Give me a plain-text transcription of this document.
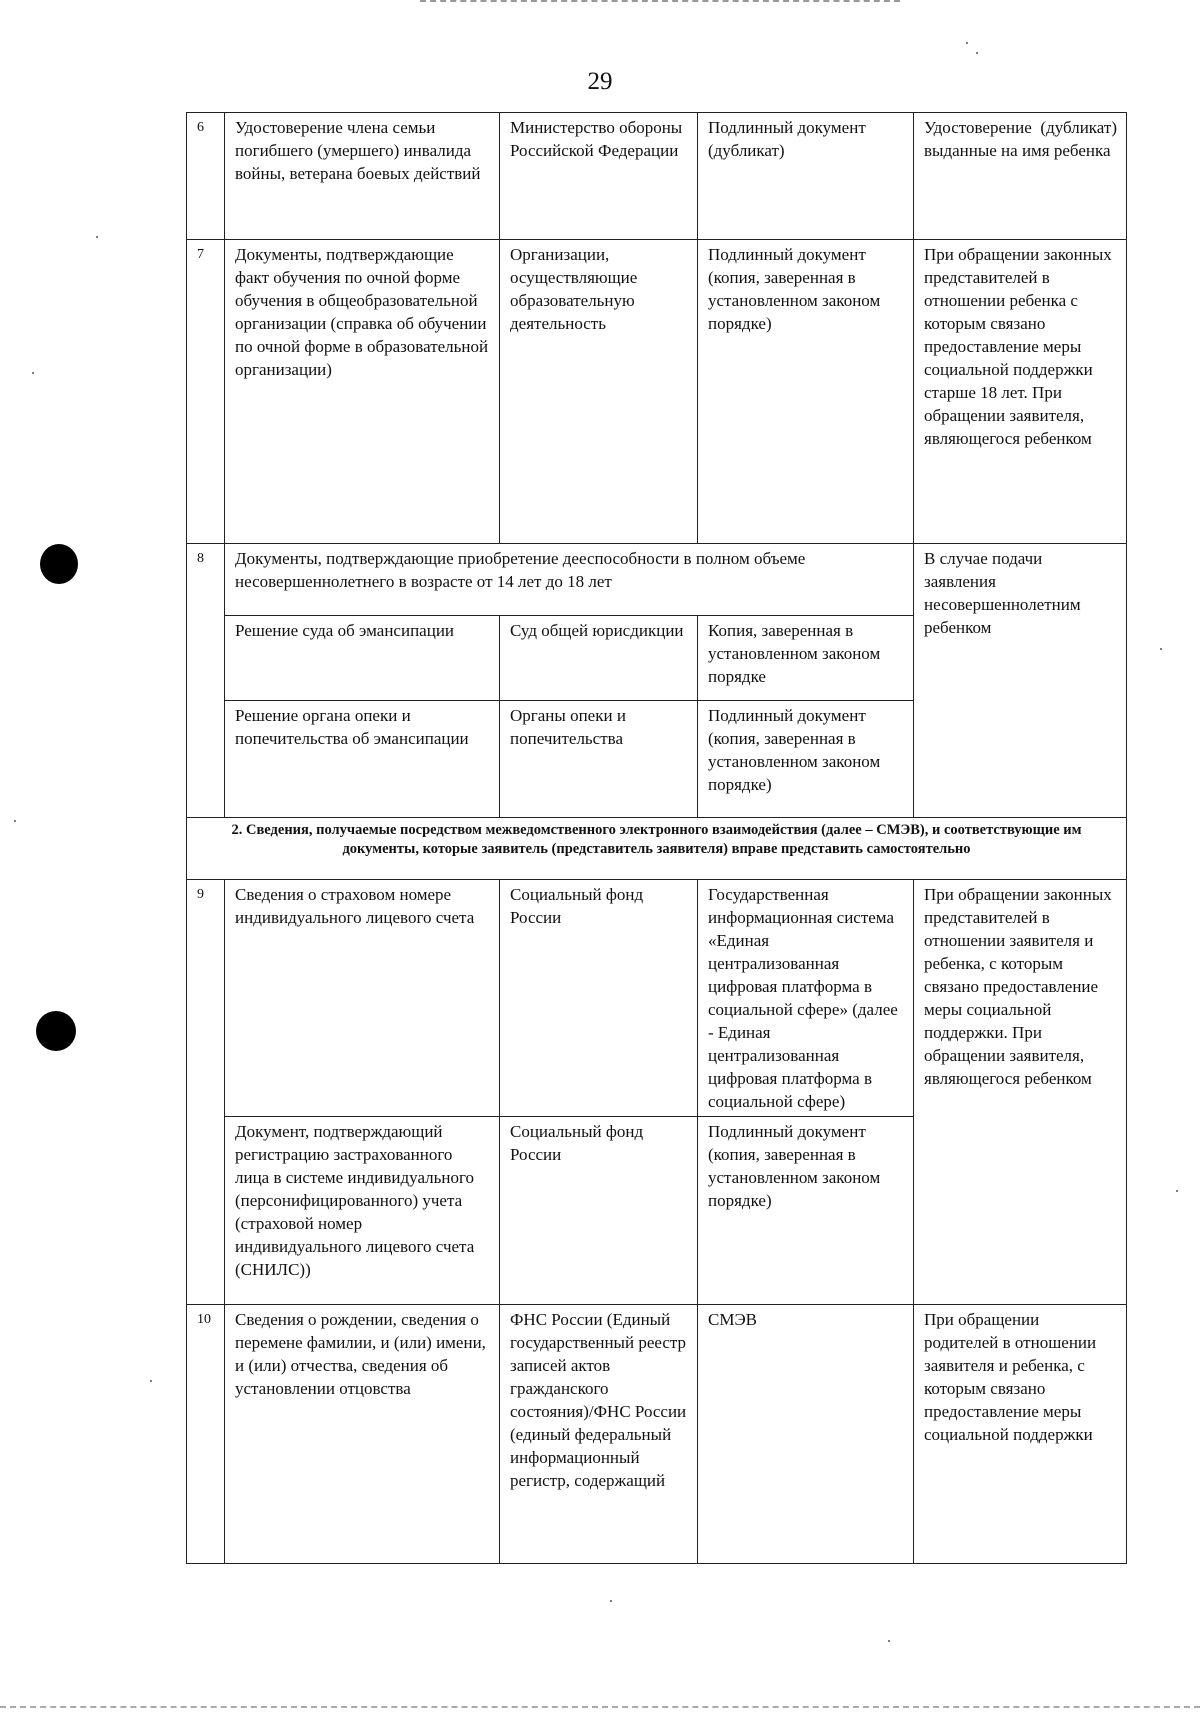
29
6	Удостоверение члена семьи погибшего (умершего) инвалида войны, ветерана боевых действий	Министерство обороны Российской Федерации	Подлинный документ (дубликат)	Удостоверение (дубликат) выданные на имя ребенка
7	Документы, подтверждающие факт обучения по очной форме обучения в общеобразовательной организации (справка об обучении по очной форме в образовательной организации)	Организации, осуществляющие образовательную деятельность	Подлинный документ (копия, заверенная в установленном законом порядке)	При обращении законных представителей в отношении ребенка с которым связано предоставление меры социальной поддержки старше 18 лет. При обращении заявителя, являющегося ребенком
8	Документы, подтверждающие приобретение дееспособности в полном объеме несовершеннолетнего в возрасте от 14 лет до 18 лет			В случае подачи заявления несовершеннолетним ребенком
	Решение суда об эмансипации	Суд общей юрисдикции	Копия, заверенная в установленном законом порядке	
	Решение органа опеки и попечительства об эмансипации	Органы опеки и попечительства	Подлинный документ (копия, заверенная в установленном законом порядке)	
2. Сведения, получаемые посредством межведомственного электронного взаимодействия (далее – СМЭВ), и соответствующие им документы, которые заявитель (представитель заявителя) вправе представить самостоятельно				
9	Сведения о страховом номере индивидуального лицевого счета	Социальный фонд России	Государственная информационная система «Единая централизованная цифровая платформа в социальной сфере» (далее - Единая централизованная цифровая платформа в социальной сфере)	При обращении законных представителей в отношении заявителя и ребенка, с которым связано предоставление меры социальной поддержки. При обращении заявителя, являющегося ребенком
	Документ, подтверждающий регистрацию застрахованного лица в системе индивидуального (персонифицированного) учета (страховой номер индивидуального лицевого счета (СНИЛС))	Социальный фонд России	Подлинный документ (копия, заверенная в установленном законом порядке)	
10	Сведения о рождении, сведения о перемене фамилии, и (или) имени, и (или) отчества, сведения об установлении отцовства	ФНС России (Единый государственный реестр записей актов гражданского состояния)/ФНС России (единый федеральный информационный регистр, содержащий	СМЭВ	При обращении родителей в отношении заявителя и ребенка, с которым связано предоставление меры социальной поддержки
